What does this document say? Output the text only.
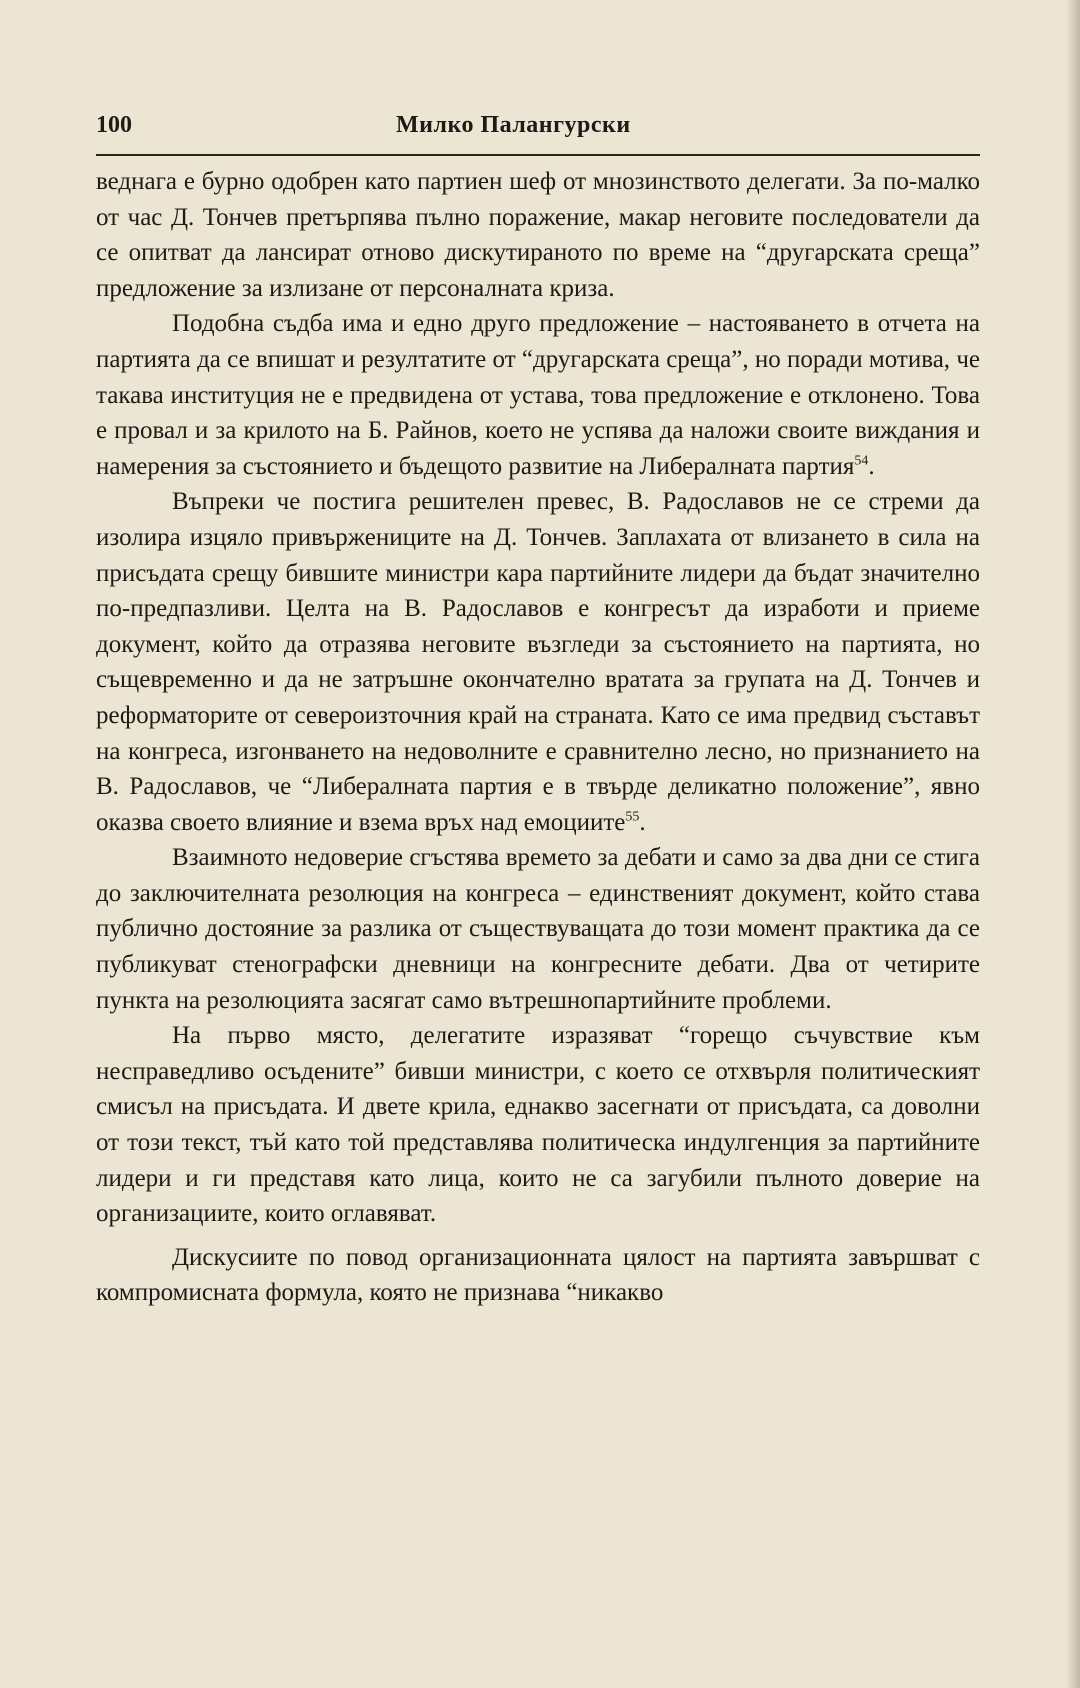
100	Милко Палангурски

веднага е бурно одобрен като партиен шеф от мнозинството делегати. За по-малко от час Д. Тончев претърпява пълно поражение, макар неговите последователи да се опитват да лансират отново дискутираното по време на “другарската среща” предложение за излизане от персоналната криза.

Подобна съдба има и едно друго предложение – настояването в отчета на партията да се впишат и резултатите от “другарската среща”, но поради мотива, че такава институция не е предвидена от устава, това предложение е отклонено. Това е провал и за крилото на Б. Райнов, което не успява да наложи своите виждания и намерения за състоянието и бъдещото развитие на Либералната партия$^{54}$.

Въпреки че постига решителен превес, В. Радославов не се стреми да изолира изцяло привържениците на Д. Тончев. Заплахата от влизането в сила на присъдата срещу бившите министри кара партийните лидери да бъдат значително по-предпазливи. Целта на В. Радославов е конгресът да изработи и приеме документ, който да отразява неговите възгледи за състоянието на партията, но същевременно и да не затръшне окончателно вратата за групата на Д. Тончев и реформаторите от североизточния край на страната. Като се има предвид съставът на конгреса, изгонването на недоволните е сравнително лесно, но признанието на В. Радославов, че “Либералната партия е в твърде деликатно положение”, явно оказва своето влияние и взема връх над емоциите$^{55}$.

Взаимното недоверие сгъстява времето за дебати и само за два дни се стига до заключителната резолюция на конгреса – единственият документ, който става публично достояние за разлика от съществуващата до този момент практика да се публикуват стенографски дневници на конгресните дебати. Два от четирите пункта на резолюцията засягат само вътрешнопартийните проблеми.

На първо място, делегатите изразяват “горещо съчувствие към несправедливо осъдените” бивши министри, с което се отхвърля политическият смисъл на присъдата. И двете крила, еднакво засегнати от присъдата, са доволни от този текст, тъй като той представлява политическа индулгенция за партийните лидери и ги представя като лица, които не са загубили пълното доверие на организациите, които оглавяват.

Дискусиите по повод организационната цялост на партията завършват с компромисната формула, която не признава “никакво
